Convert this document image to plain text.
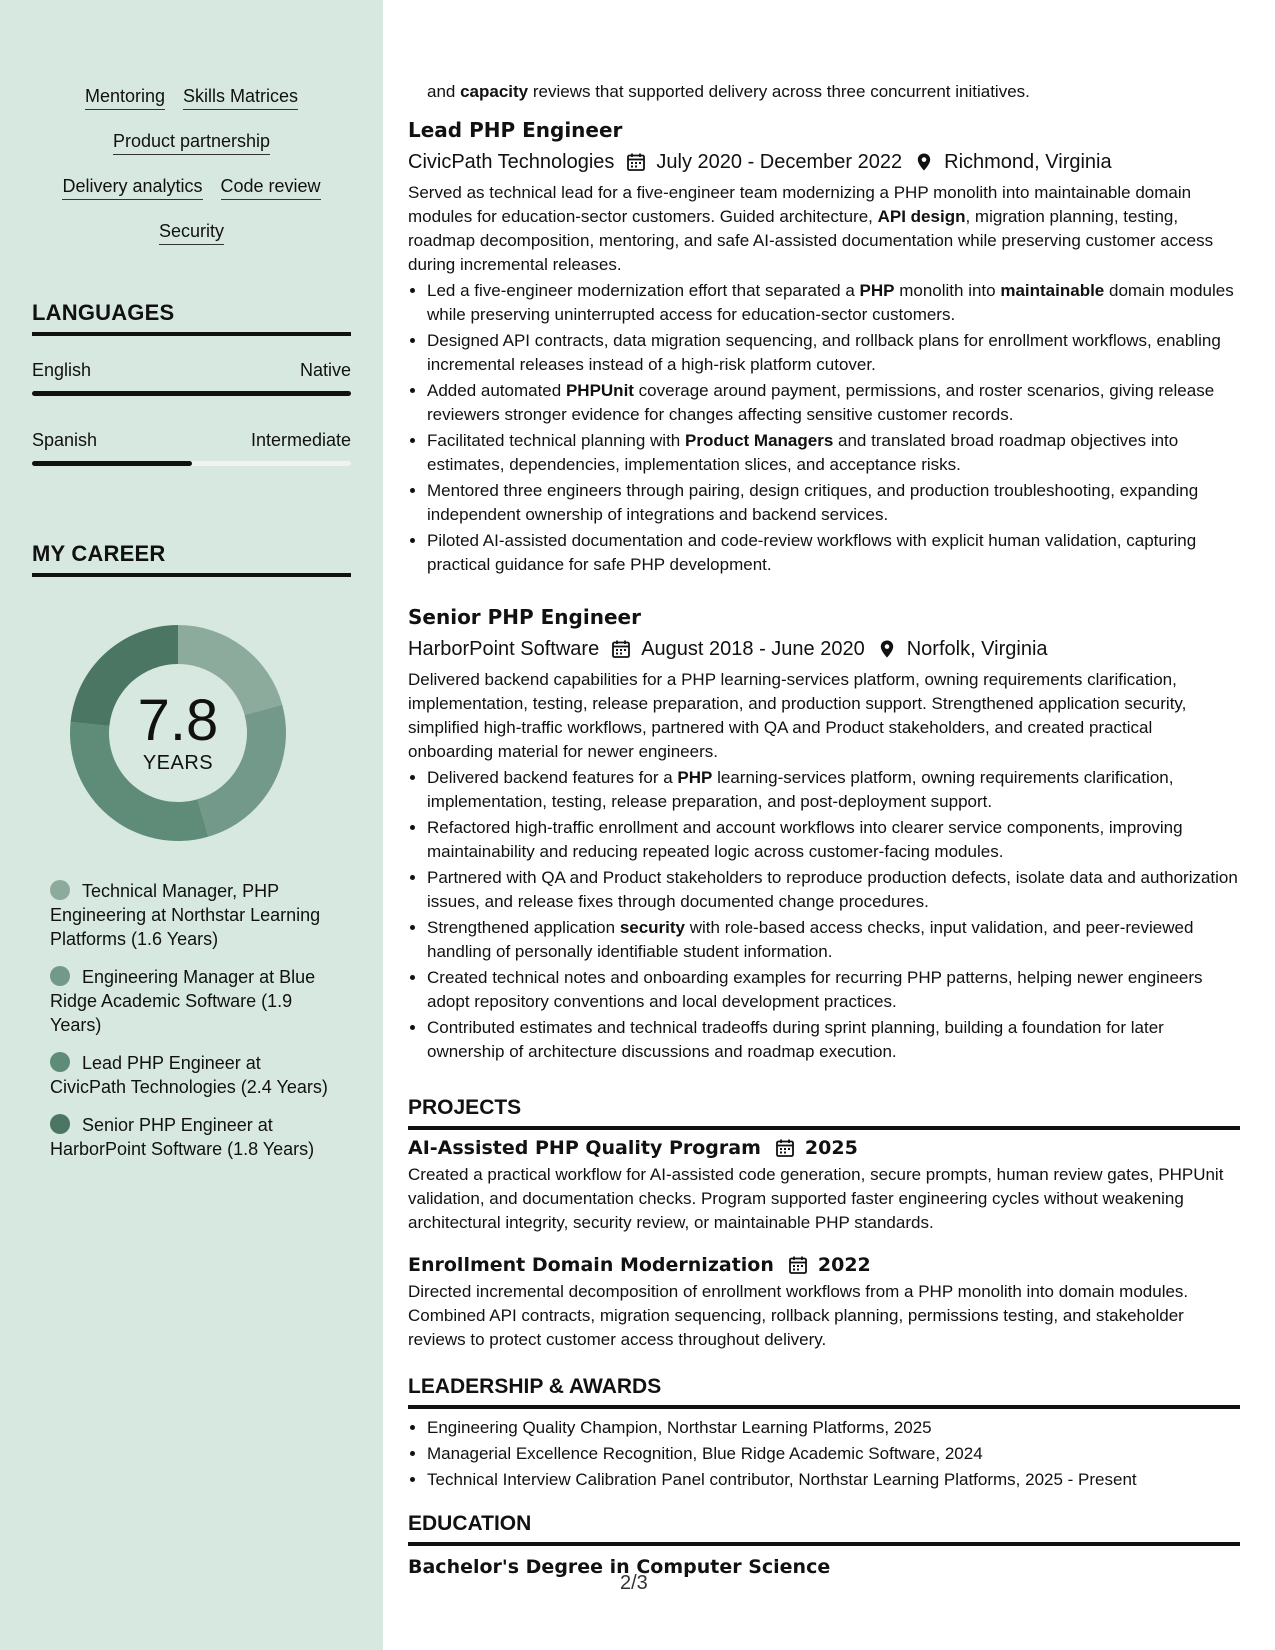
Mentoring Skills Matrices
Product partnership
Delivery analytics Code review
Security
LANGUAGES
English	Native
Spanish	Intermediate
MY CAREER
7.8
YEARS
Technical Manager, PHP Engineering at Northstar Learning Platforms (1.6 Years)
Engineering Manager at Blue Ridge Academic Software (1.9 Years)
Lead PHP Engineer at CivicPath Technologies (2.4 Years)
Senior PHP Engineer at HarborPoint Software (1.8 Years)
and capacity reviews that supported delivery across three concurrent initiatives.
Lead PHP Engineer
CivicPath Technologies July 2020 - December 2022 Richmond, Virginia
Served as technical lead for a five-engineer team modernizing a PHP monolith into maintainable domain modules for education-sector customers. Guided architecture, API design, migration planning, testing, roadmap decomposition, mentoring, and safe AI-assisted documentation while preserving customer access during incremental releases.
• Led a five-engineer modernization effort that separated a PHP monolith into maintainable domain modules while preserving uninterrupted access for education-sector customers.
• Designed API contracts, data migration sequencing, and rollback plans for enrollment workflows, enabling incremental releases instead of a high-risk platform cutover.
• Added automated PHPUnit coverage around payment, permissions, and roster scenarios, giving release reviewers stronger evidence for changes affecting sensitive customer records.
• Facilitated technical planning with Product Managers and translated broad roadmap objectives into estimates, dependencies, implementation slices, and acceptance risks.
• Mentored three engineers through pairing, design critiques, and production troubleshooting, expanding independent ownership of integrations and backend services.
• Piloted AI-assisted documentation and code-review workflows with explicit human validation, capturing practical guidance for safe PHP development.
Senior PHP Engineer
HarborPoint Software August 2018 - June 2020 Norfolk, Virginia
Delivered backend capabilities for a PHP learning-services platform, owning requirements clarification, implementation, testing, release preparation, and production support. Strengthened application security, simplified high-traffic workflows, partnered with QA and Product stakeholders, and created practical onboarding material for newer engineers.
• Delivered backend features for a PHP learning-services platform, owning requirements clarification, implementation, testing, release preparation, and post-deployment support.
• Refactored high-traffic enrollment and account workflows into clearer service components, improving maintainability and reducing repeated logic across customer-facing modules.
• Partnered with QA and Product stakeholders to reproduce production defects, isolate data and authorization issues, and release fixes through documented change procedures.
• Strengthened application security with role-based access checks, input validation, and peer-reviewed handling of personally identifiable student information.
• Created technical notes and onboarding examples for recurring PHP patterns, helping newer engineers adopt repository conventions and local development practices.
• Contributed estimates and technical tradeoffs during sprint planning, building a foundation for later ownership of architecture discussions and roadmap execution.
PROJECTS
AI-Assisted PHP Quality Program 2025
Created a practical workflow for AI-assisted code generation, secure prompts, human review gates, PHPUnit validation, and documentation checks. Program supported faster engineering cycles without weakening architectural integrity, security review, or maintainable PHP standards.
Enrollment Domain Modernization 2022
Directed incremental decomposition of enrollment workflows from a PHP monolith into domain modules. Combined API contracts, migration sequencing, rollback planning, permissions testing, and stakeholder reviews to protect customer access throughout delivery.
LEADERSHIP & AWARDS
• Engineering Quality Champion, Northstar Learning Platforms, 2025
• Managerial Excellence Recognition, Blue Ridge Academic Software, 2024
• Technical Interview Calibration Panel contributor, Northstar Learning Platforms, 2025 - Present
EDUCATION
Bachelor's Degree in Computer Science
2/3
